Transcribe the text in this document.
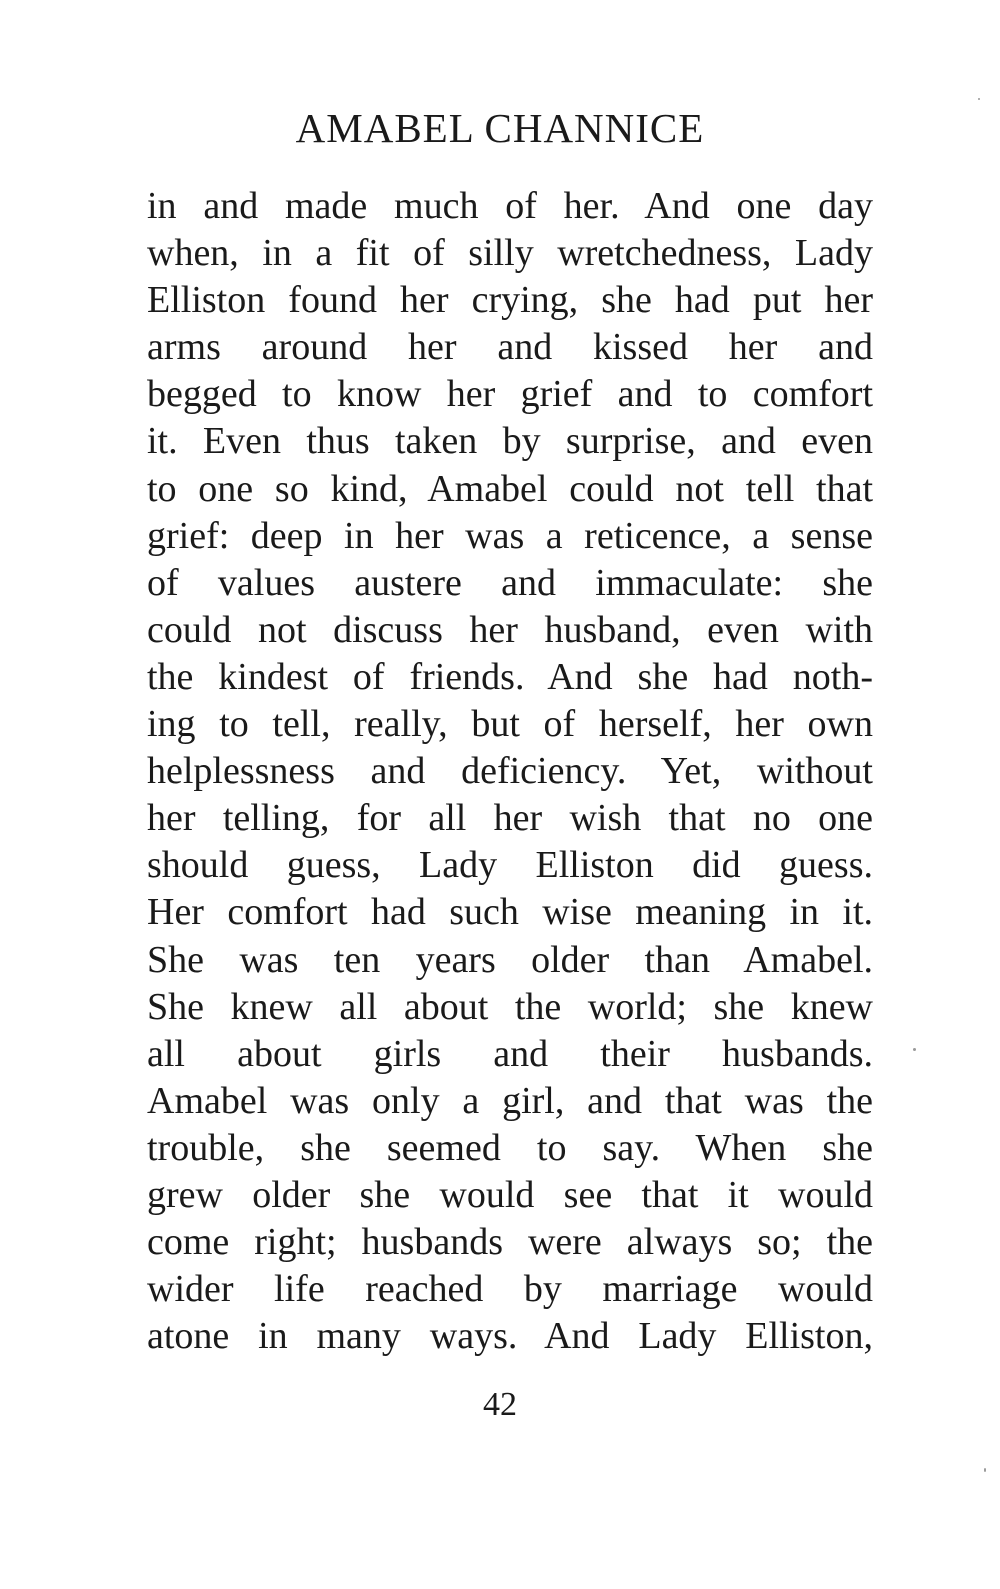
AMABEL CHANNICE
in and made much of her. And one day
when, in a fit of silly wretchedness, Lady
Elliston found her crying, she had put her
arms around her and kissed her and
begged to know her grief and to comfort
it. Even thus taken by surprise, and even
to one so kind, Amabel could not tell that
grief: deep in her was a reticence, a sense
of values austere and immaculate: she
could not discuss her husband, even with
the kindest of friends. And she had noth-
ing to tell, really, but of herself, her own
helplessness and deficiency. Yet, without
her telling, for all her wish that no one
should guess, Lady Elliston did guess.
Her comfort had such wise meaning in it.
She was ten years older than Amabel.
She knew all about the world; she knew
all about girls and their husbands.
Amabel was only a girl, and that was the
trouble, she seemed to say. When she
grew older she would see that it would
come right; husbands were always so; the
wider life reached by marriage would
atone in many ways. And Lady Elliston,
42
